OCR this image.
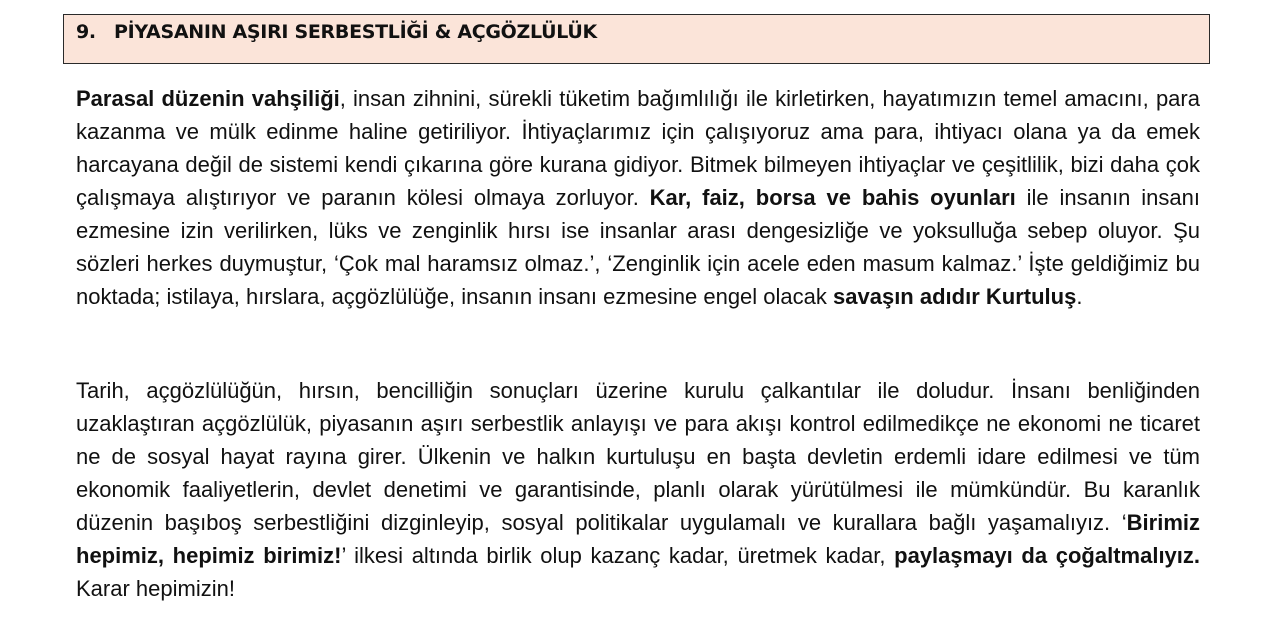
9. PİYASANIN AŞIRI SERBESTLİĞİ & AÇGÖZLÜLÜK

Parasal düzenin vahşiliği, insan zihnini, sürekli tüketim bağımlılığı ile kirletirken, hayatımızın temel amacını, para kazanma ve mülk edinme haline getiriliyor. İhtiyaçlarımız için çalışıyoruz ama para, ihtiyacı olana ya da emek harcayana değil de sistemi kendi çıkarına göre kurana gidiyor. Bitmek bilmeyen ihtiyaçlar ve çeşitlilik, bizi daha çok çalışmaya alıştırıyor ve paranın kölesi olmaya zorluyor. Kar, faiz, borsa ve bahis oyunları ile insanın insanı ezmesine izin verilirken, lüks ve zenginlik hırsı ise insanlar arası dengesizliğe ve yoksulluğa sebep oluyor. Şu sözleri herkes duymuştur, ‘Çok mal haramsız olmaz.’, ‘Zenginlik için acele eden masum kalmaz.’ İşte geldiğimiz bu noktada; istilaya, hırslara, açgözlülüğe, insanın insanı ezmesine engel olacak savaşın adıdır Kurtuluş.

Tarih, açgözlülüğün, hırsın, bencilliğin sonuçları üzerine kurulu çalkantılar ile doludur. İnsanı benliğinden uzaklaştıran açgözlülük, piyasanın aşırı serbestlik anlayışı ve para akışı kontrol edilmedikçe ne ekonomi ne ticaret ne de sosyal hayat rayına girer. Ülkenin ve halkın kurtuluşu en başta devletin erdemli idare edilmesi ve tüm ekonomik faaliyetlerin, devlet denetimi ve garantisinde, planlı olarak yürütülmesi ile mümkündür. Bu karanlık düzenin başıboş serbestliğini dizginleyip, sosyal politikalar uygulamalı ve kurallara bağlı yaşamalıyız. ‘Birimiz hepimiz, hepimiz birimiz!’ ilkesi altında birlik olup kazanç kadar, üretmek kadar, paylaşmayı da çoğaltmalıyız. Karar hepimizin!
